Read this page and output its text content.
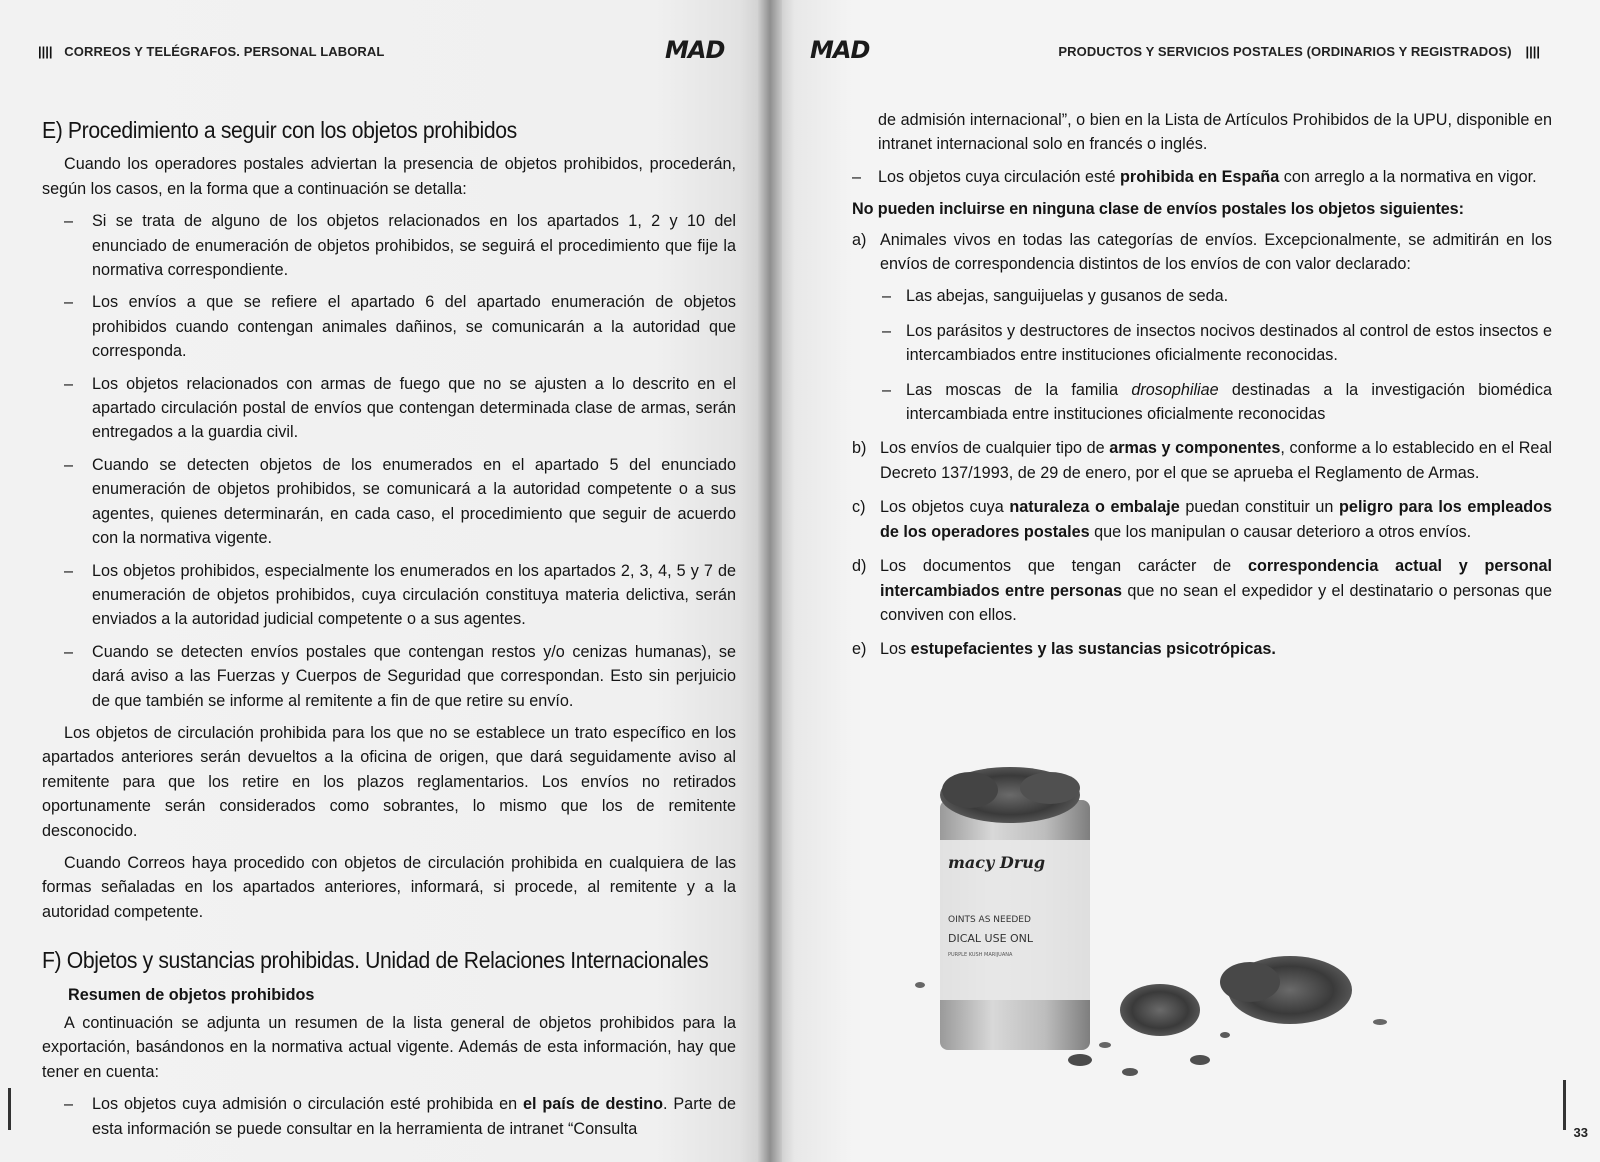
|||| CORREOS Y TELÉGRAFOS. PERSONAL LABORAL	MAD
E) Procedimiento a seguir con los objetos prohibidos

Cuando los operadores postales adviertan la presencia de objetos prohibidos, procederán, según los casos, en la forma que a continuación se detalla:

– Si se trata de alguno de los objetos relacionados en los apartados 1, 2 y 10 del enunciado de enumeración de objetos prohibidos, se seguirá el procedimiento que fije la normativa correspondiente.
– Los envíos a que se refiere el apartado 6 del apartado enumeración de objetos prohibidos cuando contengan animales dañinos, se comunicarán a la autoridad que corresponda.
– Los objetos relacionados con armas de fuego que no se ajusten a lo descrito en el apartado circulación postal de envíos que contengan determinada clase de armas, serán entregados a la guardia civil.
– Cuando se detecten objetos de los enumerados en el apartado 5 del enunciado enumeración de objetos prohibidos, se comunicará a la autoridad competente o a sus agentes, quienes determinarán, en cada caso, el procedimiento que seguir de acuerdo con la normativa vigente.
– Los objetos prohibidos, especialmente los enumerados en los apartados 2, 3, 4, 5 y 7 de enumeración de objetos prohibidos, cuya circulación constituya materia delictiva, serán enviados a la autoridad judicial competente o a sus agentes.
– Cuando se detecten envíos postales que contengan restos y/o cenizas humanas), se dará aviso a las Fuerzas y Cuerpos de Seguridad que correspondan. Esto sin perjuicio de que también se informe al remitente a fin de que retire su envío.

Los objetos de circulación prohibida para los que no se establece un trato específico en los apartados anteriores serán devueltos a la oficina de origen, que dará seguidamente aviso al remitente para que los retire en los plazos reglamentarios. Los envíos no retirados oportunamente serán considerados como sobrantes, lo mismo que los de remitente desconocido.

Cuando Correos haya procedido con objetos de circulación prohibida en cualquiera de las formas señaladas en los apartados anteriores, informará, si procede, al remitente y a la autoridad competente.

F) Objetos y sustancias prohibidas. Unidad de Relaciones Internacionales
Resumen de objetos prohibidos

A continuación se adjunta un resumen de la lista general de objetos prohibidos para la exportación, basándonos en la normativa actual vigente. Además de esta información, hay que tener en cuenta:

– Los objetos cuya admisión o circulación esté prohibida en el país de destino. Parte de esta información se puede consultar en la herramienta de intranet “Consulta
MAD	PRODUCTOS Y SERVICIOS POSTALES (ORDINARIOS Y REGISTRADOS) ||||

de admisión internacional”, o bien en la Lista de Artículos Prohibidos de la UPU, disponible en intranet internacional solo en francés o inglés.

– Los objetos cuya circulación esté prohibida en España con arreglo a la normativa en vigor.
No pueden incluirse en ninguna clase de envíos postales los objetos siguientes:
a) Animales vivos en todas las categorías de envíos. Excepcionalmente, se admitirán en los envíos de correspondencia distintos de los envíos de con valor declarado:
– Las abejas, sanguijuelas y gusanos de seda.
– Los parásitos y destructores de insectos nocivos destinados al control de estos insectos e intercambiados entre instituciones oficialmente reconocidas.
– Las moscas de la familia drosophiliae destinadas a la investigación biomédica intercambiada entre instituciones oficialmente reconocidas
b) Los envíos de cualquier tipo de armas y componentes, conforme a lo establecido en el Real Decreto 137/1993, de 29 de enero, por el que se aprueba el Reglamento de Armas.
c) Los objetos cuya naturaleza o embalaje puedan constituir un peligro para los empleados de los operadores postales que los manipulan o causar deterioro a otros envíos.
d) Los documentos que tengan carácter de correspondencia actual y personal intercambiados entre personas que no sean el expedidor y el destinatario o personas que conviven con ellos.
e) Los estupefacientes y las sustancias psicotrópicas.
macy Drug
OINTS AS NEEDED
DICAL USE ONL
PURPLE KUSH MARIJUANA
33
